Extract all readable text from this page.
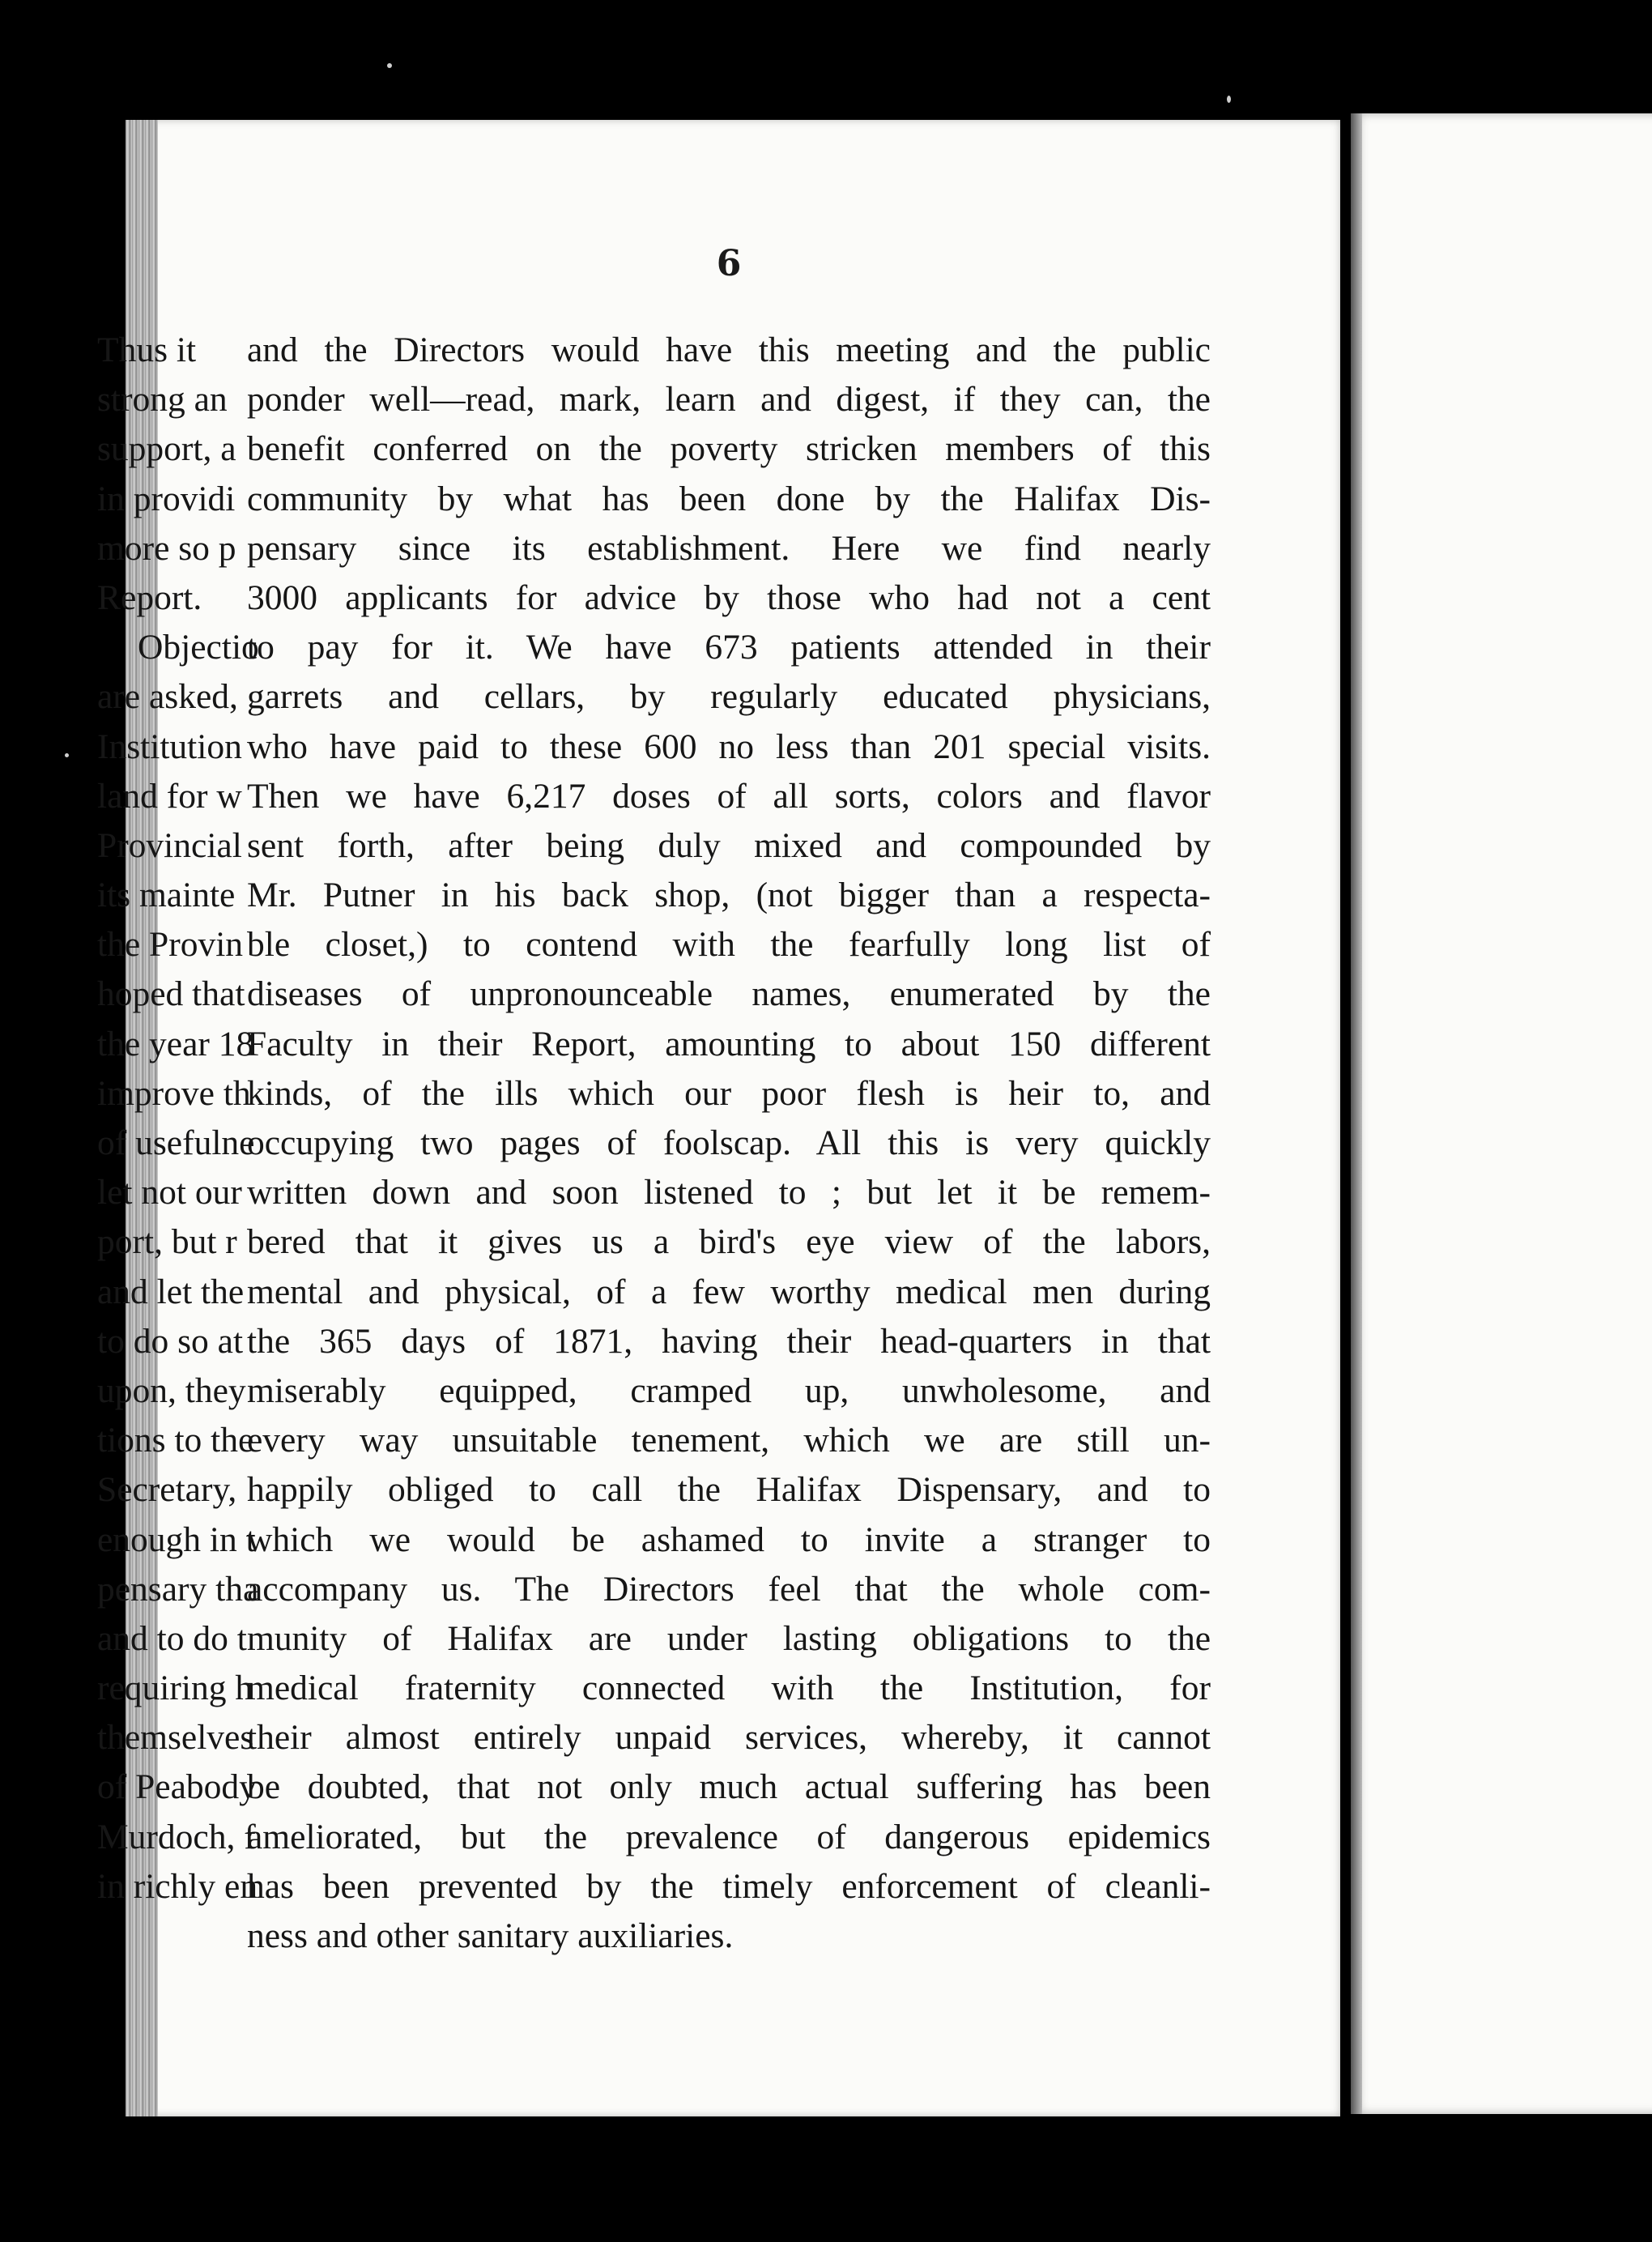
6
and the Directors would have this meeting and the public
ponder well—read, mark, learn and digest, if they can, the
benefit conferred on the poverty stricken members of this
community by what has been done by the Halifax Dis-
pensary since its establishment. Here we find nearly
3000 applicants for advice by those who had not a cent
to pay for it. We have 673 patients attended in their
garrets and cellars, by regularly educated physicians,
who have paid to these 600 no less than 201 special visits.
Then we have 6,217 doses of all sorts, colors and flavor
sent forth, after being duly mixed and compounded by
Mr. Putner in his back shop, (not bigger than a respecta-
ble closet,) to contend with the fearfully long list of
diseases of unpronounceable names, enumerated by the
Faculty in their Report, amounting to about 150 different
kinds, of the ills which our poor flesh is heir to, and
occupying two pages of foolscap. All this is very quickly
written down and soon listened to ; but let it be remem-
bered that it gives us a bird's eye view of the labors,
mental and physical, of a few worthy medical men during
the 365 days of 1871, having their head-quarters in that
miserably equipped, cramped up, unwholesome, and
every way unsuitable tenement, which we are still un-
happily obliged to call the Halifax Dispensary, and to
which we would be ashamed to invite a stranger to
accompany us. The Directors feel that the whole com-
munity of Halifax are under lasting obligations to the
medical fraternity connected with the Institution, for
their almost entirely unpaid services, whereby, it cannot
be doubted, that not only much actual suffering has been
ameliorated, but the prevalence of dangerous epidemics
has been prevented by the timely enforcement of cleanli-
ness and other sanitary auxiliaries.
Thus it
strong an
support, a
in providi
more so p
Report.
Objectio
are asked,
Institution
land for w
Provincial
its mainte
the Provin
hoped that
the year 18
improve th
of usefulne
let not our
port, but r
and let the
to do so at
upon, they
tions to the
Secretary,
enough in t
pensary tha
and to do t
requiring h
themselves
of Peabody
Murdoch, f
in richly en
